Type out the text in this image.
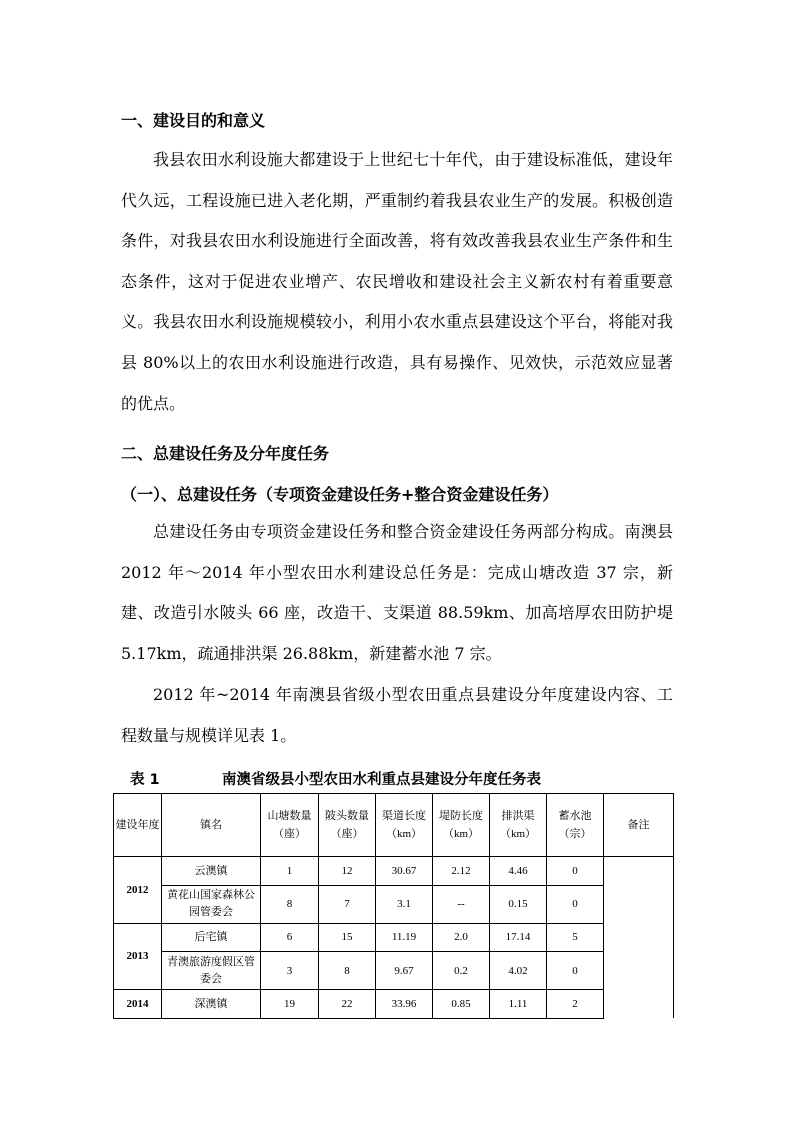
一、建设目的和意义

我县农田水利设施大都建设于上世纪七十年代，由于建设标准低，建设年代久远，工程设施已进入老化期，严重制约着我县农业生产的发展。积极创造条件，对我县农田水利设施进行全面改善，将有效改善我县农业生产条件和生态条件，这对于促进农业增产、农民增收和建设社会主义新农村有着重要意义。我县农田水利设施规模较小，利用小农水重点县建设这个平台，将能对我县 80%以上的农田水利设施进行改造，具有易操作、见效快，示范效应显著的优点。

二、总建设任务及分年度任务
（一）、总建设任务（专项资金建设任务+整合资金建设任务）

总建设任务由专项资金建设任务和整合资金建设任务两部分构成。南澳县 2012 年～2014 年小型农田水利建设总任务是：完成山塘改造 37 宗，新建、改造引水陂头 66 座，改造干、支渠道 88.59km、加高培厚农田防护堤 5.17km，疏通排洪渠 26.88km，新建蓄水池 7 宗。

2012 年~2014 年南澳县省级小型农田重点县建设分年度建设内容、工程数量与规模详见表 1。

表 1	南澳省级县小型农田水利重点县建设分年度任务表
建设年度	镇名	山塘数量（座）	陂头数量（座）	渠道长度（km）	堤防长度（km）	排洪渠（km）	蓄水池（宗）	备注
2012	云澳镇	1	12	30.67	2.12	4.46	0	
	黄花山国家森林公园管委会	8	7	3.1	--	0.15	0	
2013	后宅镇	6	15	11.19	2.0	17.14	5	
	青澳旅游度假区管委会	3	8	9.67	0.2	4.02	0	
2014	深澳镇	19	22	33.96	0.85	1.11	2	
